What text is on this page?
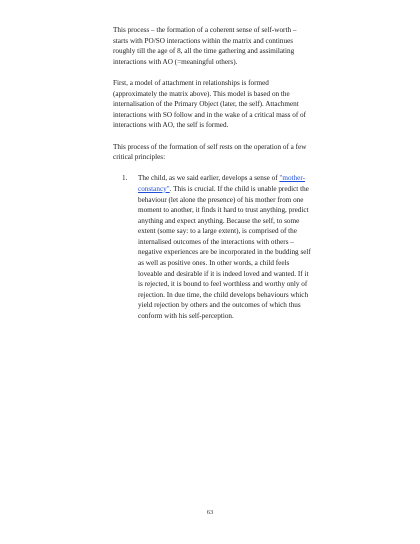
This process – the formation of a coherent sense of self-worth – starts with PO/SO interactions within the matrix and continues roughly till the age of 8, all the time gathering and assimilating interactions with AO (=meaningful others).

First, a model of attachment in relationships is formed (approximately the matrix above). This model is based on the internalisation of the Primary Object (later, the self). Attachment interactions with SO follow and in the wake of a critical mass of of interactions with AO, the self is formed.

This process of the formation of self rests on the operation of a few critical principles:

1. The child, as we said earlier, develops a sense of "mother-constancy". This is crucial. If the child is unable predict the behaviour (let alone the presence) of his mother from one moment to another, it finds it hard to trust anything, predict anything and expect anything. Because the self, to some extent (some say: to a large extent), is comprised of the internalised outcomes of the interactions with others – negative experiences are be incorporated in the budding self as well as positive ones. In other words, a child feels loveable and desirable if it is indeed loved and wanted. If it is rejected, it is bound to feel worthless and worthy only of rejection. In due time, the child develops behaviours which yield rejection by others and the outcomes of which thus conform with his self-perception.
63
